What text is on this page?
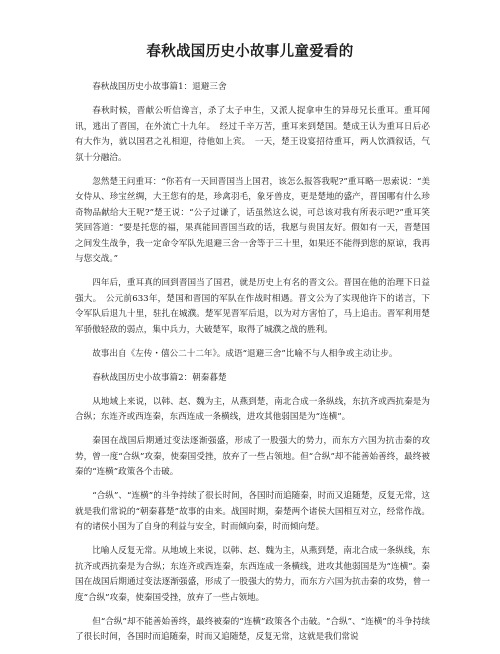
春秋战国历史小故事儿童爱看的

春秋战国历史小故事篇1：退避三舍

春秋时候，晋献公听信谗言，杀了太子申生，又派人捉拿申生的异母兄长重耳。重耳闻讯，逃出了晋国，在外流亡十九年。　经过千辛万苦，重耳来到楚国。楚成王认为重耳日后必有大作为，就以国君之礼相迎，待他如上宾。　一天，楚王设宴招待重耳，两人饮酒叙话，气氛十分融洽。

忽然楚王问重耳：“你若有一天回晋国当上国君，该怎么报答我呢?”重耳略一思索说：“美女侍从、珍宝丝绸，大王您有的是，珍禽羽毛，象牙兽皮，更是楚地的盛产，晋国哪有什么珍奇物品献给大王呢?”楚王说：“公子过谦了，话虽然这么说，可总该对我有所表示吧?”重耳笑笑回答道：“要是托您的福，果真能回晋国当政的话，我愿与贵国友好。假如有一天，晋楚国之间发生战争，我一定命令军队先退避三舍一舍等于三十里，如果还不能得到您的原谅，我再与您交战。”

四年后，重耳真的回到晋国当了国君，就是历史上有名的晋文公。晋国在他的治理下日益强大。　公元前633年，楚国和晋国的军队在作战时相遇。晋文公为了实现他许下的诺言，下令军队后退九十里，驻扎在城濮。楚军见晋军后退，以为对方害怕了，马上追击。晋军利用楚军骄傲轻敌的弱点，集中兵力，大破楚军，取得了城濮之战的胜利。

故事出自《左传・僖公二十二年》。成语“退避三舍”比喻不与人相争或主动让步。

春秋战国历史小故事篇2：朝秦暮楚

从地域上来说，以韩、赵、魏为主，从燕到楚，南北合成一条纵线，东抗齐或西抗秦是为合纵；东连齐或西连秦，东西连成一条横线，进攻其他弱国是为“连横”。

秦国在战国后期通过变法逐渐强盛，形成了一股强大的势力，而东方六国为抗击秦的攻势，曾一度“合纵”攻秦，使秦国受挫，放弃了一些占领地。但“合纵”却不能善始善终，最终被秦的“连横”政策各个击破。

“合纵”、“连横”的斗争持续了很长时间，各国时而追随秦，时而又追随楚，反复无常，这就是我们常说的“朝秦暮楚”故事的由来。战国时期，秦楚两个诸侯大国相互对立，经常作战。有的诸侯小国为了自身的利益与安全，时而倾向秦，时而倾向楚。

比喻人反复无常。从地域上来说，以韩、赵、魏为主，从燕到楚，南北合成一条纵线，东抗齐或西抗秦是为合纵；东连齐或西连秦，东西连成一条横线，进攻其他弱国是为“连横”。秦国在战国后期通过变法逐渐强盛，形成了一股强大的势力，而东方六国为抗击秦的攻势，曾一度“合纵”攻秦，使秦国受挫，放弃了一些占领地。

但“合纵”却不能善始善终，最终被秦的“连横”政策各个击破。“合纵”、“连横”的斗争持续了很长时间，各国时而追随秦，时而又追随楚，反复无常，这就是我们常说
